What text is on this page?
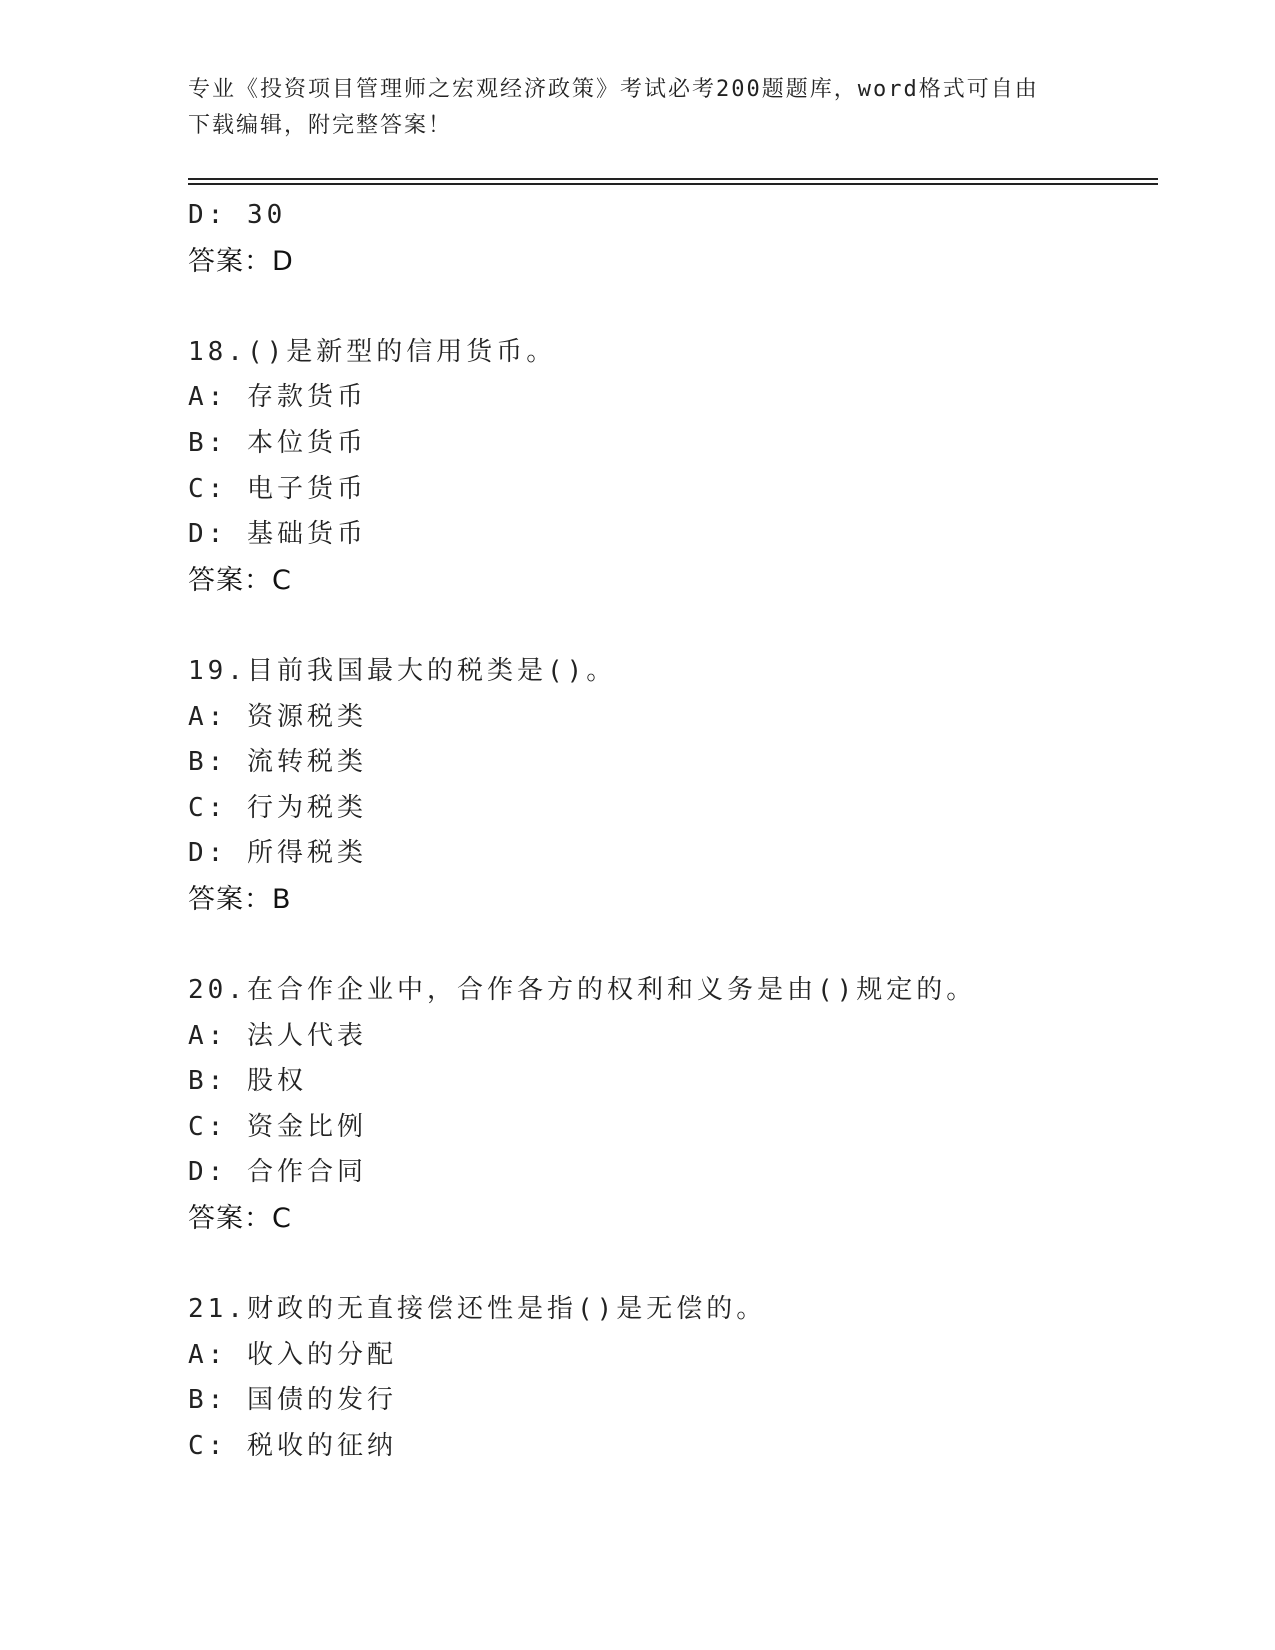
专业《投资项目管理师之宏观经济政策》考试必考200题题库，word格式可自由
下载编辑，附完整答案！
D: 30
答案：D
18.()是新型的信用货币。
A: 存款货币
B: 本位货币
C: 电子货币
D: 基础货币
答案：C
19.目前我国最大的税类是()。
A: 资源税类
B: 流转税类
C: 行为税类
D: 所得税类
答案：B
20.在合作企业中，合作各方的权利和义务是由()规定的。
A: 法人代表
B: 股权
C: 资金比例
D: 合作合同
答案：C
21.财政的无直接偿还性是指()是无偿的。
A: 收入的分配
B: 国债的发行
C: 税收的征纳
